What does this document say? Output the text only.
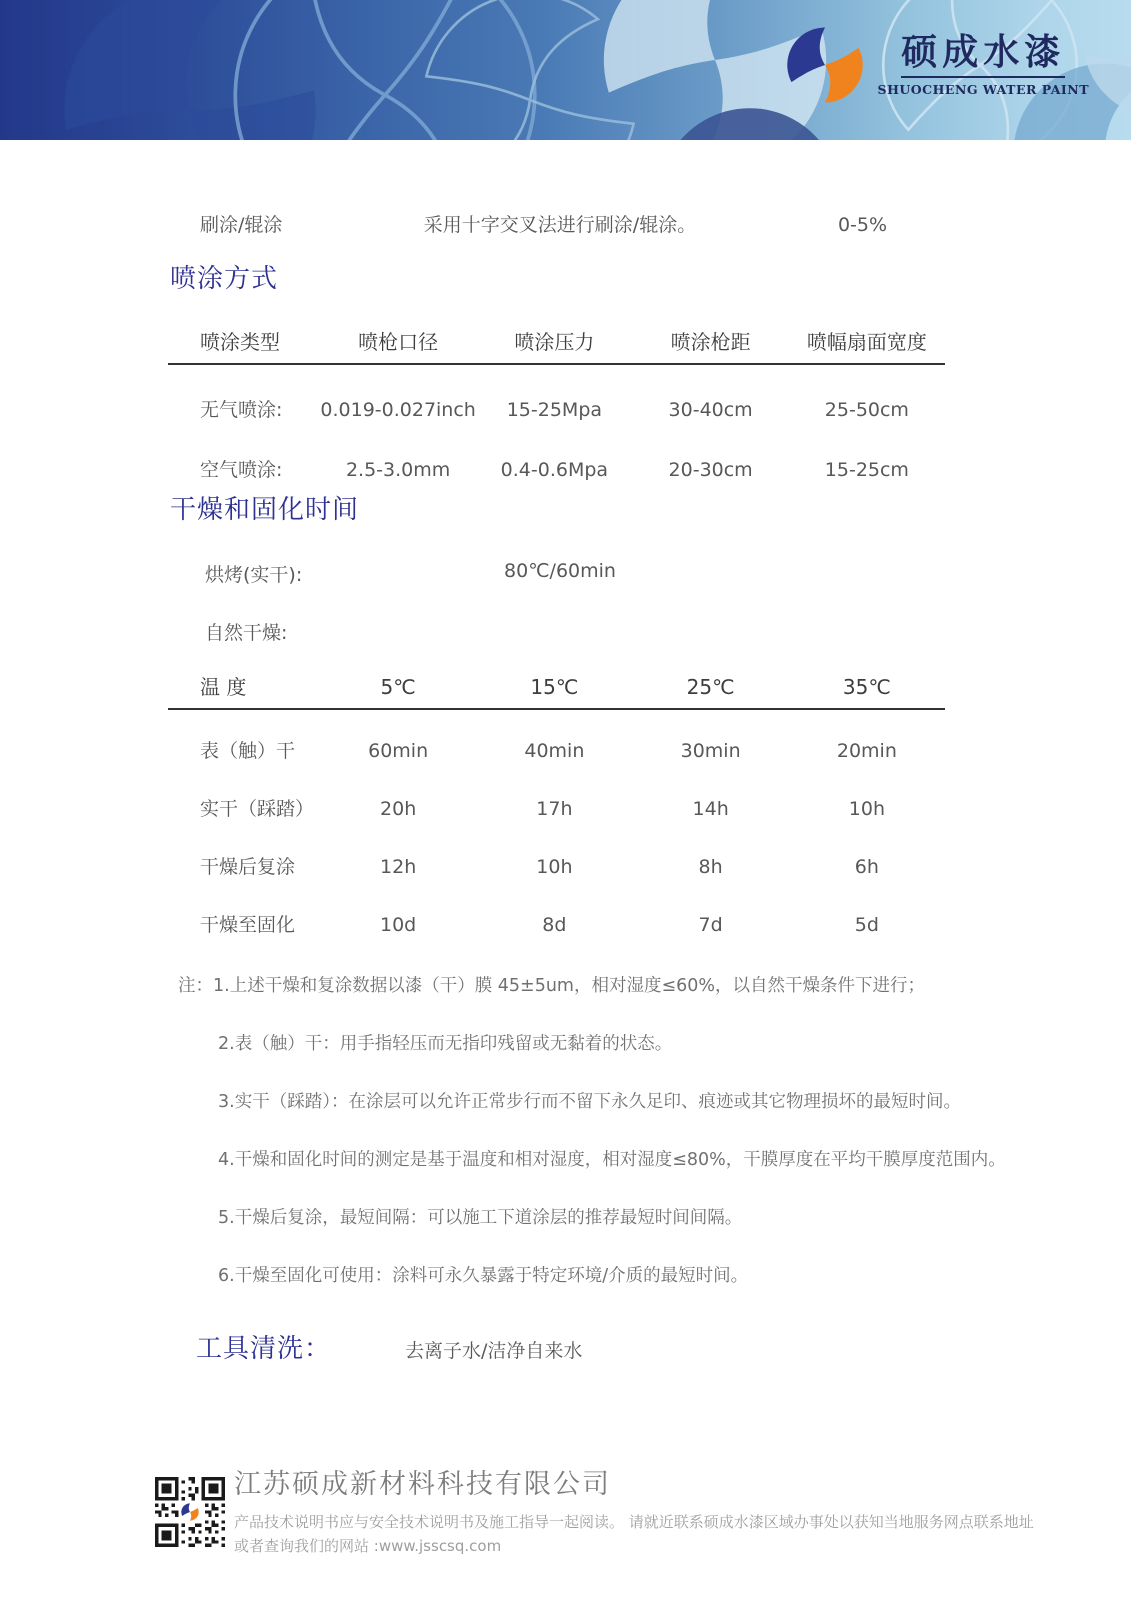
硕成水漆
SHUOCHENG WATER PAINT
刷涂/辊涂	采用十字交叉法进行刷涂/辊涂。	0-5%
喷涂方式
喷涂类型	喷枪口径	喷涂压力	喷涂枪距	喷幅扇面宽度
无气喷涂:	0.019-0.027inch	15-25Mpa	30-40cm	25-50cm
空气喷涂:	2.5-3.0mm	0.4-0.6Mpa	20-30cm	15-25cm
干燥和固化时间
烘烤(实干):	80℃/60min
自然干燥:
温 度	5℃	15℃	25℃	35℃
表（触）干	60min	40min	30min	20min
实干（踩踏）	20h	17h	14h	10h
干燥后复涂	12h	10h	8h	6h
干燥至固化	10d	8d	7d	5d
注：1.上述干燥和复涂数据以漆（干）膜 45±5um，相对湿度≤60%，以自然干燥条件下进行；
2.表（触）干：用手指轻压而无指印残留或无黏着的状态。
3.实干（踩踏）：在涂层可以允许正常步行而不留下永久足印、痕迹或其它物理损坏的最短时间。
4.干燥和固化时间的测定是基于温度和相对湿度，相对湿度≤80%，干膜厚度在平均干膜厚度范围内。
5.干燥后复涂，最短间隔：可以施工下道涂层的推荐最短时间间隔。
6.干燥至固化可使用：涂料可永久暴露于特定环境/介质的最短时间。
工具清洗：	去离子水/洁净自来水
江苏硕成新材料科技有限公司
产品技术说明书应与安全技术说明书及施工指导一起阅读。 请就近联系硕成水漆区域办事处以获知当地服务网点联系地址
或者查询我们的网站 :www.jsscsq.com
